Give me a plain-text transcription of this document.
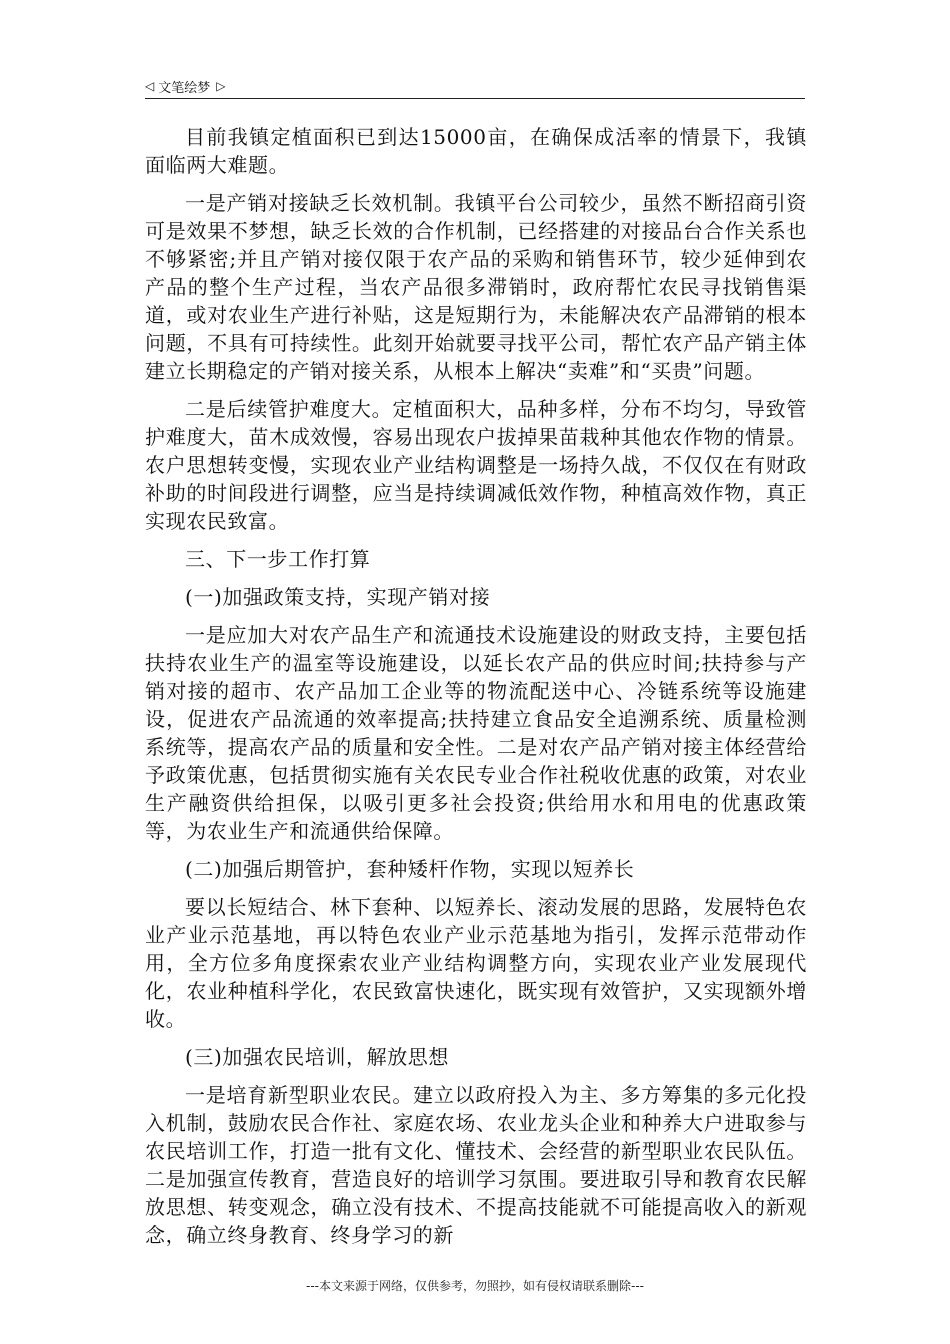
◁ 文笔绘梦 ▷

目前我镇定植面积已到达15000亩，在确保成活率的情景下，我镇面临两大难题。

一是产销对接缺乏长效机制。我镇平台公司较少，虽然不断招商引资可是效果不梦想，缺乏长效的合作机制，已经搭建的对接品台合作关系也不够紧密;并且产销对接仅限于农产品的采购和销售环节，较少延伸到农产品的整个生产过程，当农产品很多滞销时，政府帮忙农民寻找销售渠道，或对农业生产进行补贴，这是短期行为，未能解决农产品滞销的根本问题，不具有可持续性。此刻开始就要寻找平公司，帮忙农产品产销主体建立长期稳定的产销对接关系，从根本上解决“卖难”和“买贵”问题。

二是后续管护难度大。定植面积大，品种多样，分布不均匀，导致管护难度大，苗木成效慢，容易出现农户拔掉果苗栽种其他农作物的情景。农户思想转变慢，实现农业产业结构调整是一场持久战，不仅仅在有财政补助的时间段进行调整，应当是持续调减低效作物，种植高效作物，真正实现农民致富。

三、下一步工作打算

(一)加强政策支持，实现产销对接

一是应加大对农产品生产和流通技术设施建设的财政支持，主要包括扶持农业生产的温室等设施建设，以延长农产品的供应时间;扶持参与产销对接的超市、农产品加工企业等的物流配送中心、冷链系统等设施建设，促进农产品流通的效率提高;扶持建立食品安全追溯系统、质量检测系统等，提高农产品的质量和安全性。二是对农产品产销对接主体经营给予政策优惠，包括贯彻实施有关农民专业合作社税收优惠的政策，对农业生产融资供给担保，以吸引更多社会投资;供给用水和用电的优惠政策等，为农业生产和流通供给保障。

(二)加强后期管护，套种矮杆作物，实现以短养长

要以长短结合、林下套种、以短养长、滚动发展的思路，发展特色农业产业示范基地，再以特色农业产业示范基地为指引，发挥示范带动作用，全方位多角度探索农业产业结构调整方向，实现农业产业发展现代化，农业种植科学化，农民致富快速化，既实现有效管护，又实现额外增收。

(三)加强农民培训，解放思想

一是培育新型职业农民。建立以政府投入为主、多方筹集的多元化投入机制，鼓励农民合作社、家庭农场、农业龙头企业和种养大户进取参与农民培训工作，打造一批有文化、懂技术、会经营的新型职业农民队伍。二是加强宣传教育，营造良好的培训学习氛围。要进取引导和教育农民解放思想、转变观念，确立没有技术、不提高技能就不可能提高收入的新观念，确立终身教育、终身学习的新

---本文来源于网络，仅供参考，勿照抄，如有侵权请联系删除---
